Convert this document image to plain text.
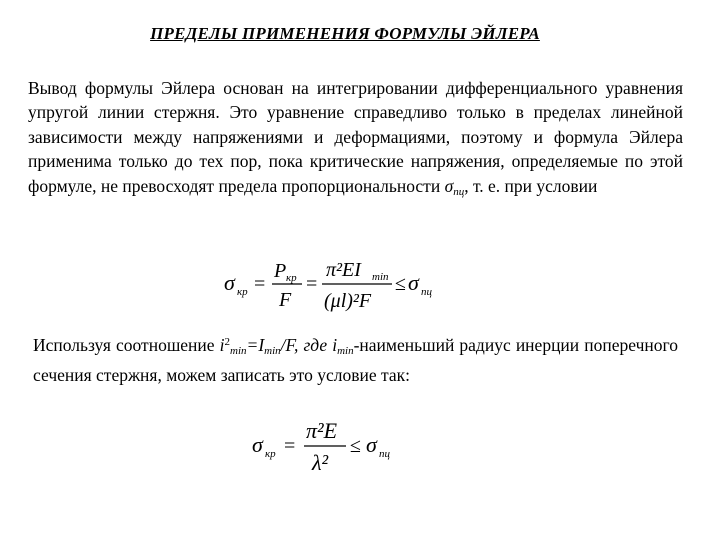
ПРЕДЕЛЫ ПРИМЕНЕНИЯ ФОРМУЛЫ ЭЙЛЕРА
Вывод формулы Эйлера основан на интегрировании дифференциального уравнения упругой линии стержня. Это уравнение справедливо только в пределах линейной зависимости между напряжениями и деформациями, поэтому и формула Эйлера применима только до тех пор, пока критические напряжения, определяемые по этой формуле, не превосходят предела пропорциональности $\sigma_{пц}$, т. е. при условии
σ кр =
P кр
F
=
π²EI min
(μl)²F
≤ σ пц
Используя соотношение $i^2_{min}=I_{min}/F$, где $i_{min}$-наименьший радиус инерции поперечного сечения стержня, можем записать это условие так:
σ кр =
π²E
λ²
≤ σ пц
